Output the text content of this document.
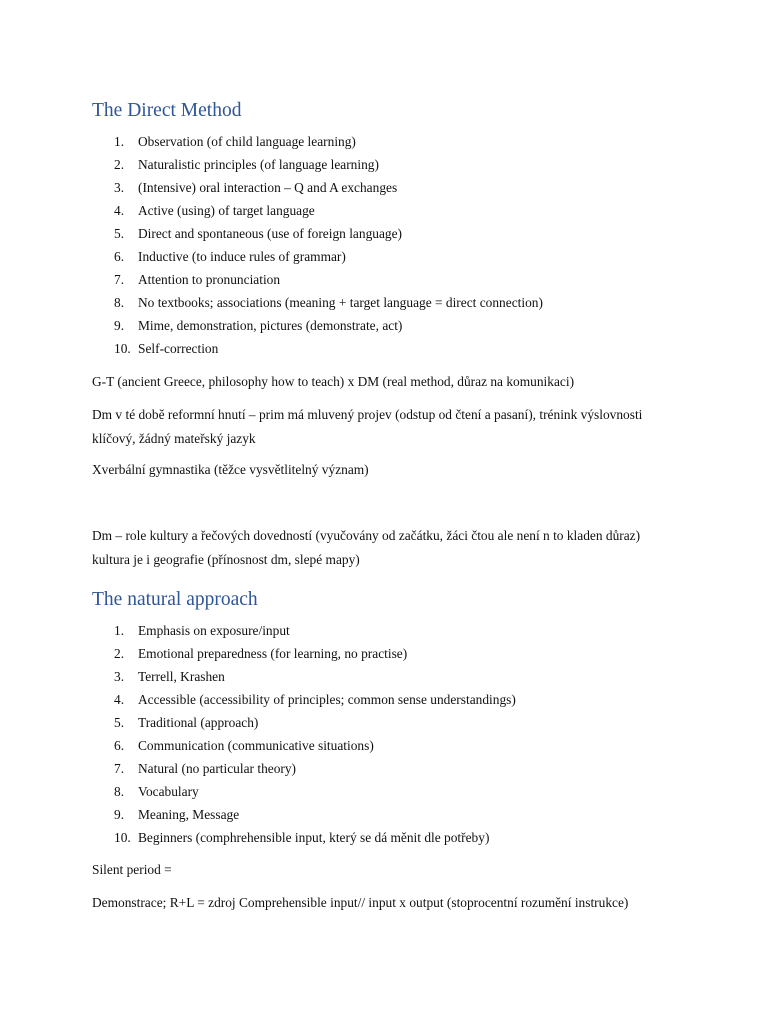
The Direct Method
1.	Observation (of child language learning)
2.	Naturalistic principles (of language learning)
3.	(Intensive) oral interaction – Q and A exchanges
4.	Active (using) of target language
5.	Direct and spontaneous (use of foreign language)
6.	Inductive (to induce rules of grammar)
7.	Attention to pronunciation
8.	No textbooks; associations (meaning + target language = direct connection)
9.	Mime, demonstration, pictures (demonstrate, act)
10. Self-correction

G-T (ancient Greece, philosophy how to teach) x DM (real method, důraz na komunikaci)

Dm v té době reformní hnutí – prim má mluvený projev (odstup od čtení a pasaní), trénink výslovnosti
klíčový, žádný mateřský jazyk

Xverbální gymnastika (těžce vysvětlitelný význam)

Dm – role kultury a řečových dovedností (vyučovány od začátku, žáci čtou ale není n to kladen důraz)
kultura je i geografie (přínosnost dm, slepé mapy)

The natural approach
1.	Emphasis on exposure/input
2.	Emotional preparedness (for learning, no practise)
3.	Terrell, Krashen
4.	Accessible (accessibility of principles; common sense understandings)
5.	Traditional (approach)
6.	Communication (communicative situations)
7.	Natural (no particular theory)
8.	Vocabulary
9.	Meaning, Message
10. Beginners (comphrehensible input, který se dá měnit dle potřeby)

Silent period =

Demonstrace; R+L = zdroj Comprehensible input// input x output (stoprocentní rozumění instrukce)
